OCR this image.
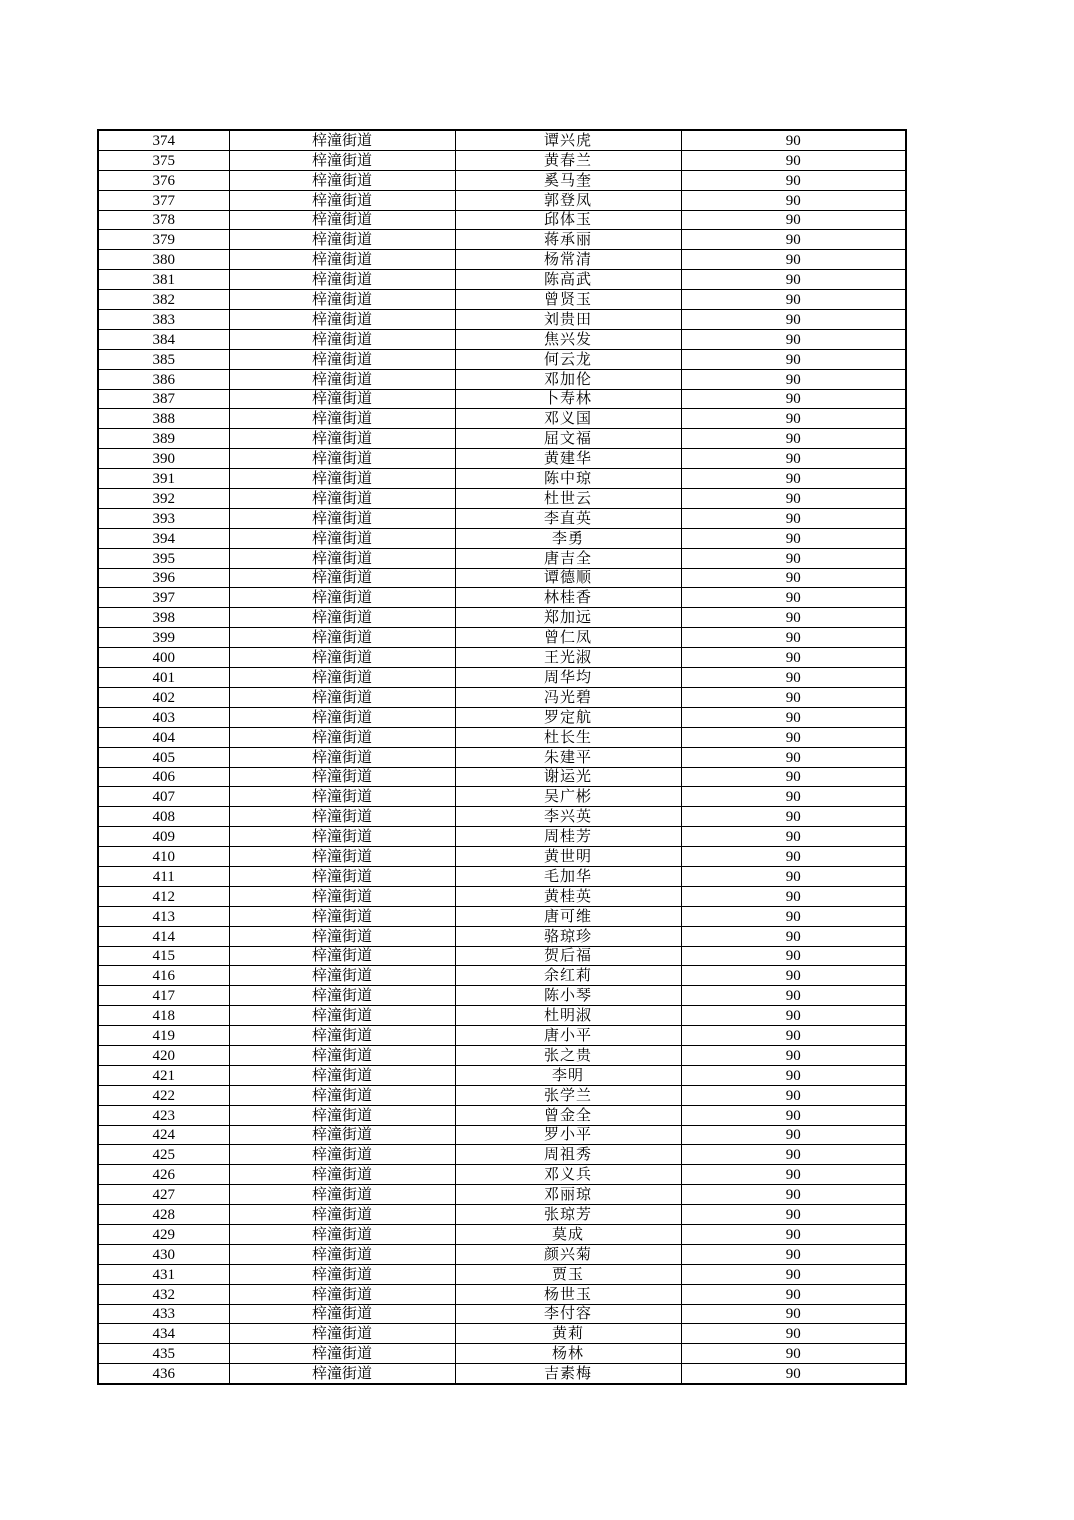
374	梓潼街道	谭兴虎	90
375	梓潼街道	黄春兰	90
376	梓潼街道	奚马奎	90
377	梓潼街道	郭登凤	90
378	梓潼街道	邱体玉	90
379	梓潼街道	蒋承丽	90
380	梓潼街道	杨常清	90
381	梓潼街道	陈高武	90
382	梓潼街道	曾贤玉	90
383	梓潼街道	刘贵田	90
384	梓潼街道	焦兴发	90
385	梓潼街道	何云龙	90
386	梓潼街道	邓加伦	90
387	梓潼街道	卜寿林	90
388	梓潼街道	邓义国	90
389	梓潼街道	屈文福	90
390	梓潼街道	黄建华	90
391	梓潼街道	陈中琼	90
392	梓潼街道	杜世云	90
393	梓潼街道	李直英	90
394	梓潼街道	李勇	90
395	梓潼街道	唐吉全	90
396	梓潼街道	谭德顺	90
397	梓潼街道	林桂香	90
398	梓潼街道	郑加远	90
399	梓潼街道	曾仁凤	90
400	梓潼街道	王光淑	90
401	梓潼街道	周华均	90
402	梓潼街道	冯光碧	90
403	梓潼街道	罗定航	90
404	梓潼街道	杜长生	90
405	梓潼街道	朱建平	90
406	梓潼街道	谢运光	90
407	梓潼街道	吴广彬	90
408	梓潼街道	李兴英	90
409	梓潼街道	周桂芳	90
410	梓潼街道	黄世明	90
411	梓潼街道	毛加华	90
412	梓潼街道	黄桂英	90
413	梓潼街道	唐可维	90
414	梓潼街道	骆琼珍	90
415	梓潼街道	贺后福	90
416	梓潼街道	余红莉	90
417	梓潼街道	陈小琴	90
418	梓潼街道	杜明淑	90
419	梓潼街道	唐小平	90
420	梓潼街道	张之贵	90
421	梓潼街道	李明	90
422	梓潼街道	张学兰	90
423	梓潼街道	曾金全	90
424	梓潼街道	罗小平	90
425	梓潼街道	周祖秀	90
426	梓潼街道	邓义兵	90
427	梓潼街道	邓丽琼	90
428	梓潼街道	张琼芳	90
429	梓潼街道	莫成	90
430	梓潼街道	颜兴菊	90
431	梓潼街道	贾玉	90
432	梓潼街道	杨世玉	90
433	梓潼街道	李付容	90
434	梓潼街道	黄莉	90
435	梓潼街道	杨林	90
436	梓潼街道	吉素梅	90
